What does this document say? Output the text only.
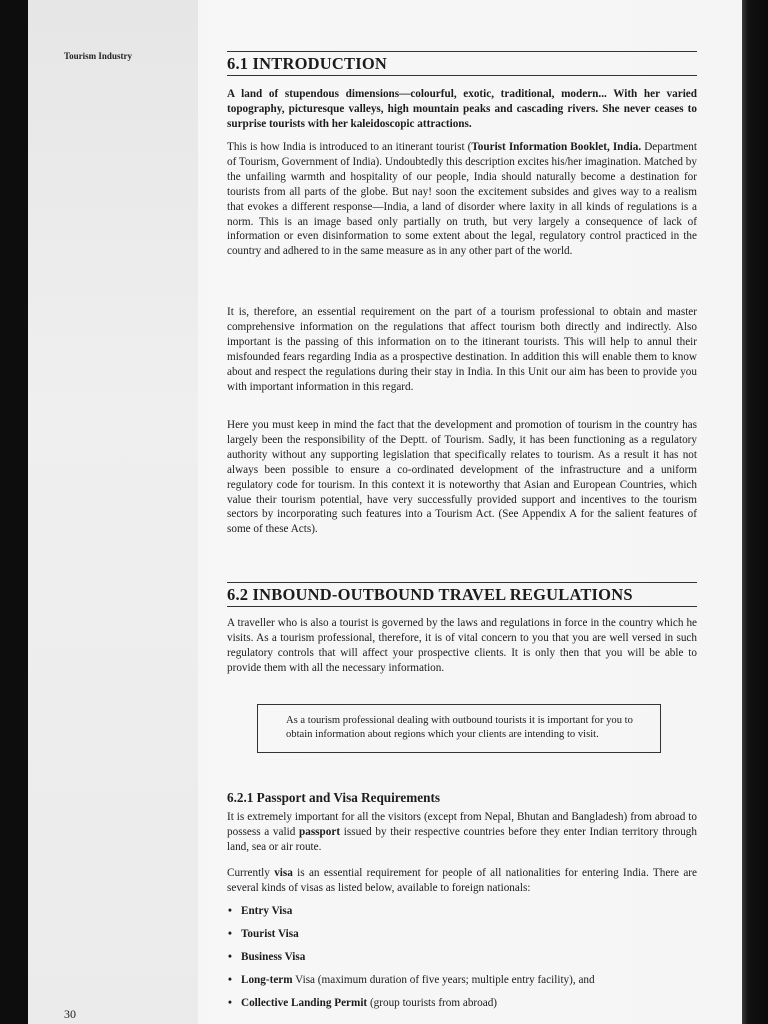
Tourism Industry
30
6.1 INTRODUCTION

A land of stupendous dimensions—colourful, exotic, traditional, modern... With her varied topography, picturesque valleys, high mountain peaks and cascading rivers. She never ceases to surprise tourists with her kaleidoscopic attractions.

This is how India is introduced to an itinerant tourist (Tourist Information Booklet, India. Department of Tourism, Government of India). Undoubtedly this description excites his/her imagination. Matched by the unfailing warmth and hospitality of our people, India should naturally become a destination for tourists from all parts of the globe. But nay! soon the excitement subsides and gives way to a realism that evokes a different response—India, a land of disorder where laxity in all kinds of regulations is a norm. This is an image based only partially on truth, but very largely a consequence of lack of information or even disinformation to some extent about the legal, regulatory control practiced in the country and adhered to in the same measure as in any other part of the world.

It is, therefore, an essential requirement on the part of a tourism professional to obtain and master comprehensive information on the regulations that affect tourism both directly and indirectly. Also important is the passing of this information on to the itinerant tourists. This will help to annul their misfounded fears regarding India as a prospective destination. In addition this will enable them to know about and respect the regulations during their stay in India. In this Unit our aim has been to provide you with important information in this regard.

Here you must keep in mind the fact that the development and promotion of tourism in the country has largely been the responsibility of the Deptt. of Tourism. Sadly, it has been functioning as a regulatory authority without any supporting legislation that specifically relates to tourism. As a result it has not always been possible to ensure a co-ordinated development of the infrastructure and a uniform regulatory code for tourism. In this context it is noteworthy that Asian and European Countries, which value their tourism potential, have very successfully provided support and incentives to the tourism sectors by incorporating such features into a Tourism Act. (See Appendix A for the salient features of some of these Acts).

6.2 INBOUND-OUTBOUND TRAVEL REGULATIONS

A traveller who is also a tourist is governed by the laws and regulations in force in the country which he visits. As a tourism professional, therefore, it is of vital concern to you that you are well versed in such regulatory controls that will affect your prospective clients. It is only then that you will be able to provide them with all the necessary information.

As a tourism professional dealing with outbound tourists it is important for you to obtain information about regions which your clients are intending to visit.
6.2.1 Passport and Visa Requirements

It is extremely important for all the visitors (except from Nepal, Bhutan and Bangladesh) from abroad to possess a valid passport issued by their respective countries before they enter Indian territory through land, sea or air route.

Currently visa is an essential requirement for people of all nationalities for entering India. There are several kinds of visas as listed below, available to foreign nationals:

• Entry Visa
• Tourist Visa
• Business Visa
• Long-term Visa (maximum duration of five years; multiple entry facility), and
• Collective Landing Permit (group tourists from abroad)
